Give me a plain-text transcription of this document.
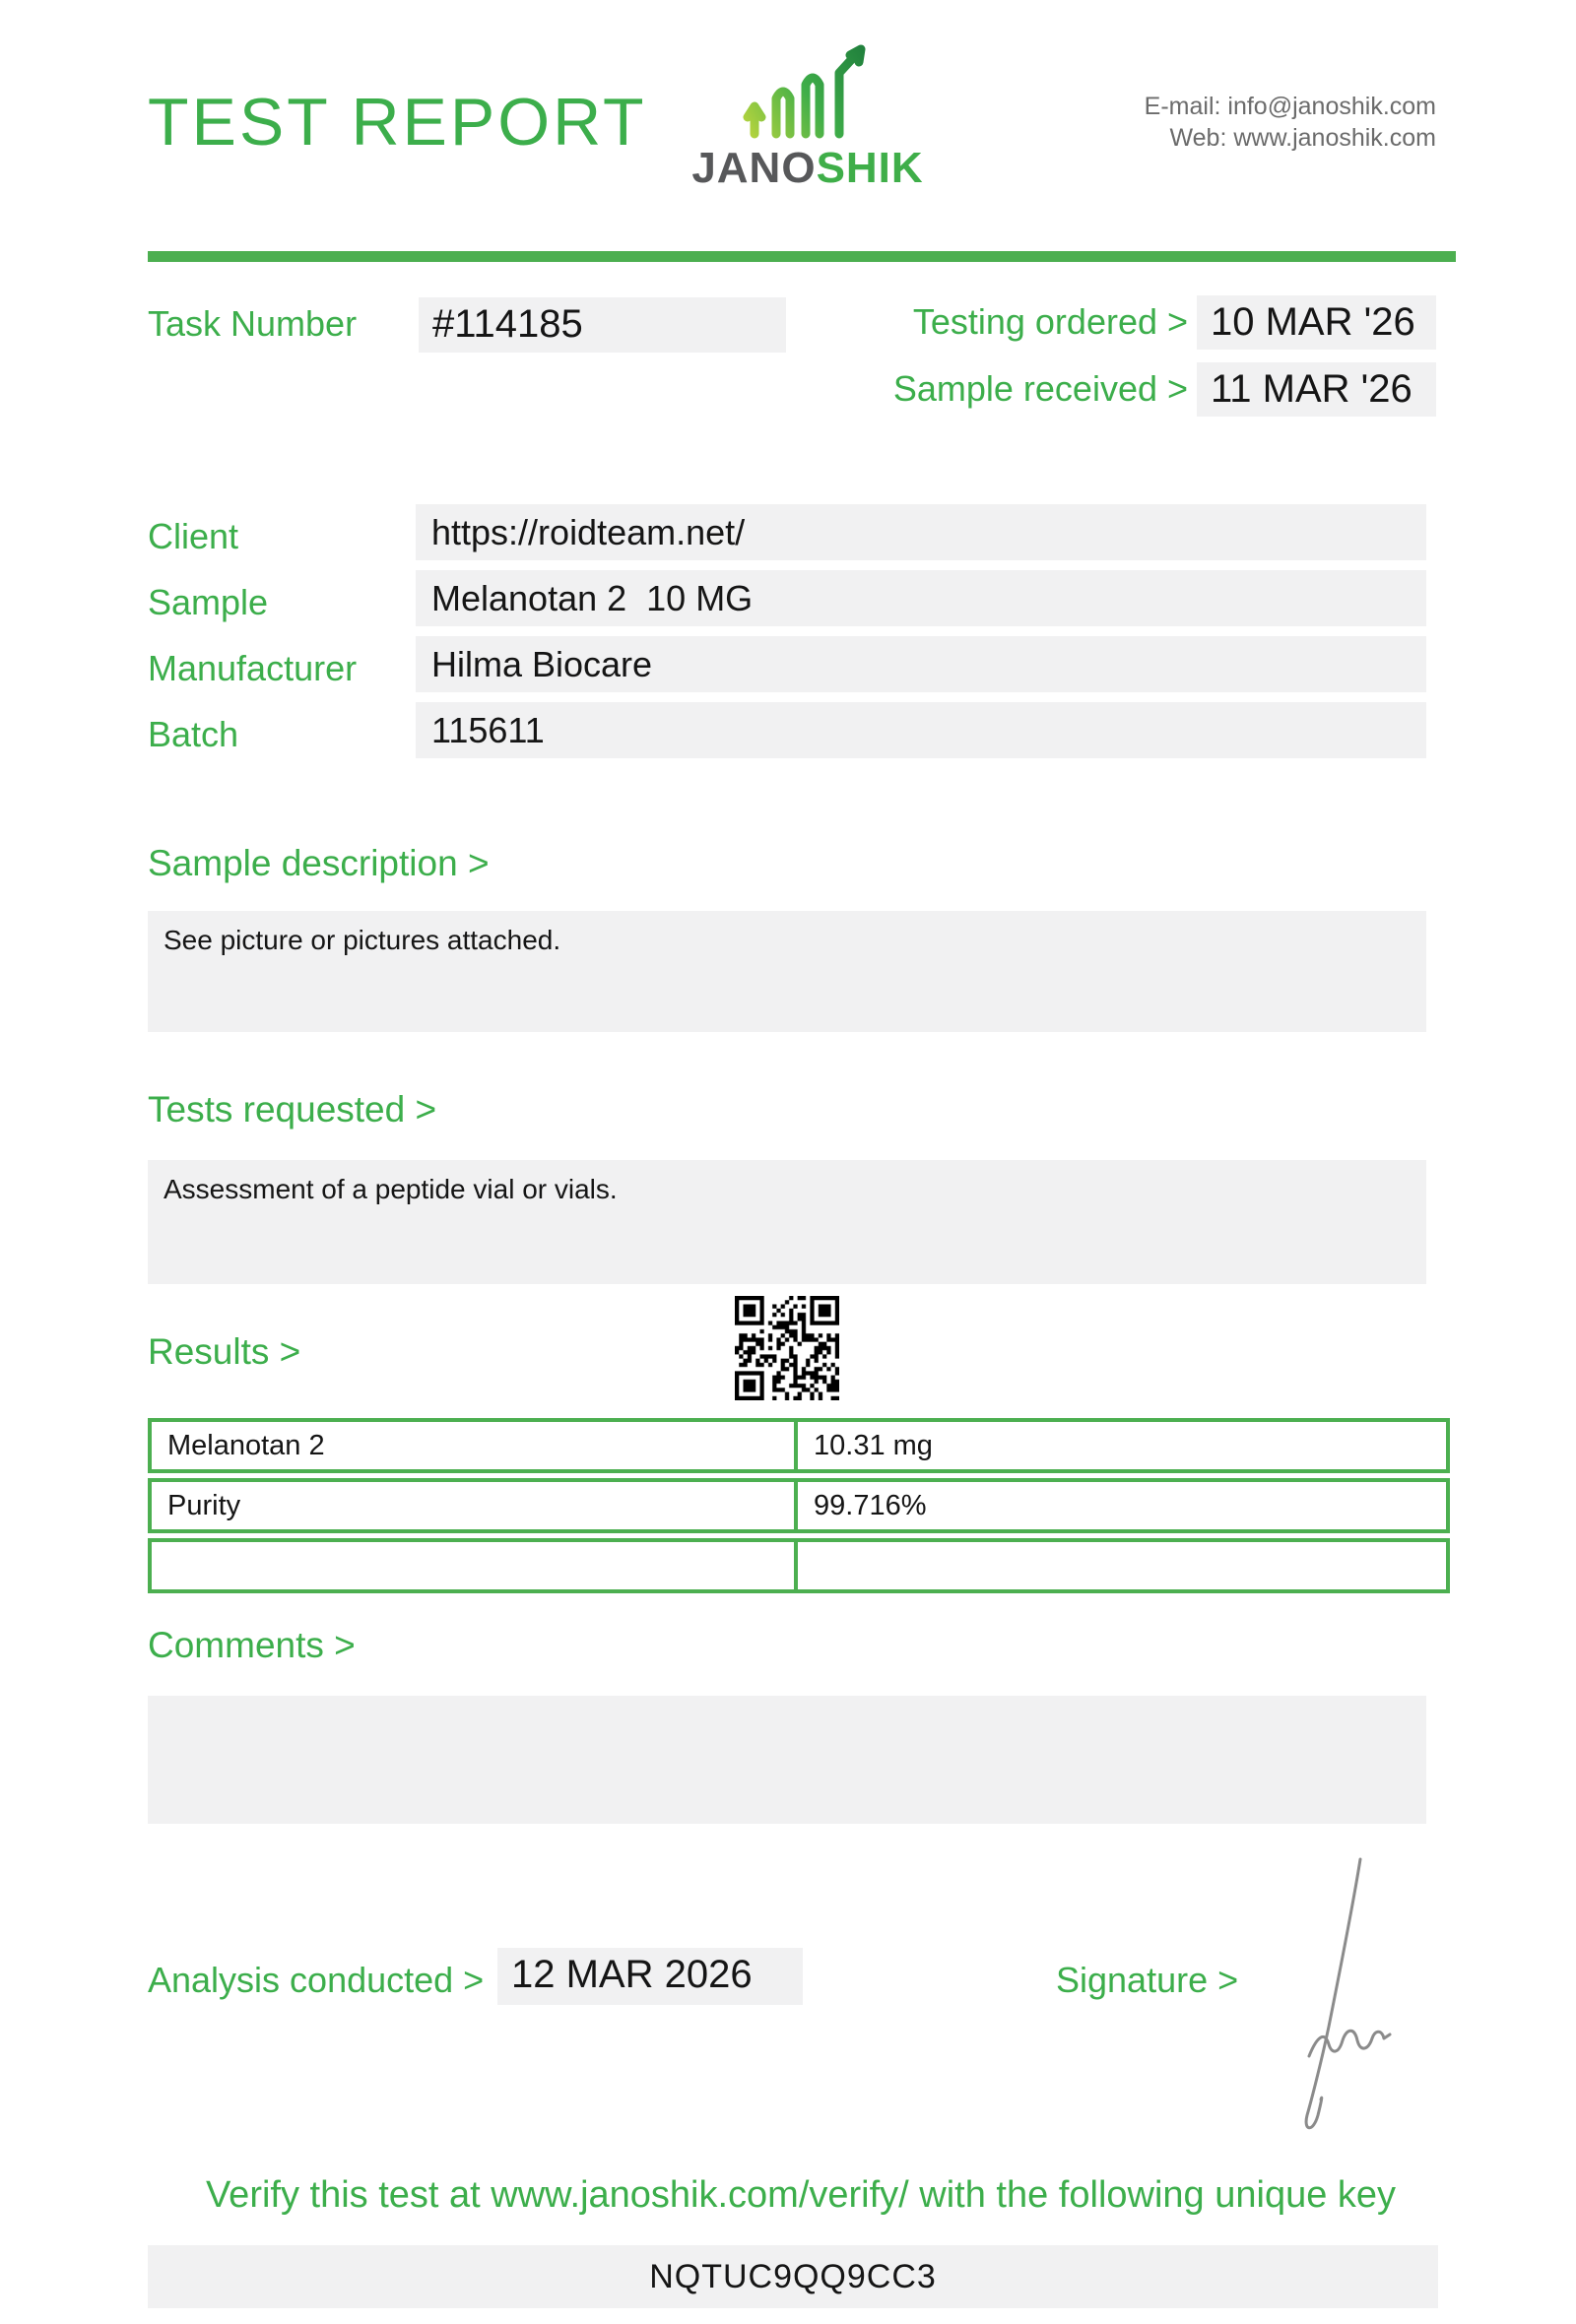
TEST REPORT
JANOSHIK
E-mail: info@janoshik.com
Web: www.janoshik.com
Task Number	#114185	Testing ordered > 10 MAR '26
Sample received > 11 MAR '26
Client	https://roidteam.net/
Sample	Melanotan 2  10 MG
Manufacturer	Hilma Biocare
Batch	115611
Sample description >
See picture or pictures attached.
Tests requested >
Assessment of a peptide vial or vials.
Results >
Melanotan 2	10.31 mg
Purity	99.716%
Comments >
Analysis conducted > 12 MAR 2026	Signature >
Verify this test at www.janoshik.com/verify/ with the following unique key
NQTUC9QQ9CC3
